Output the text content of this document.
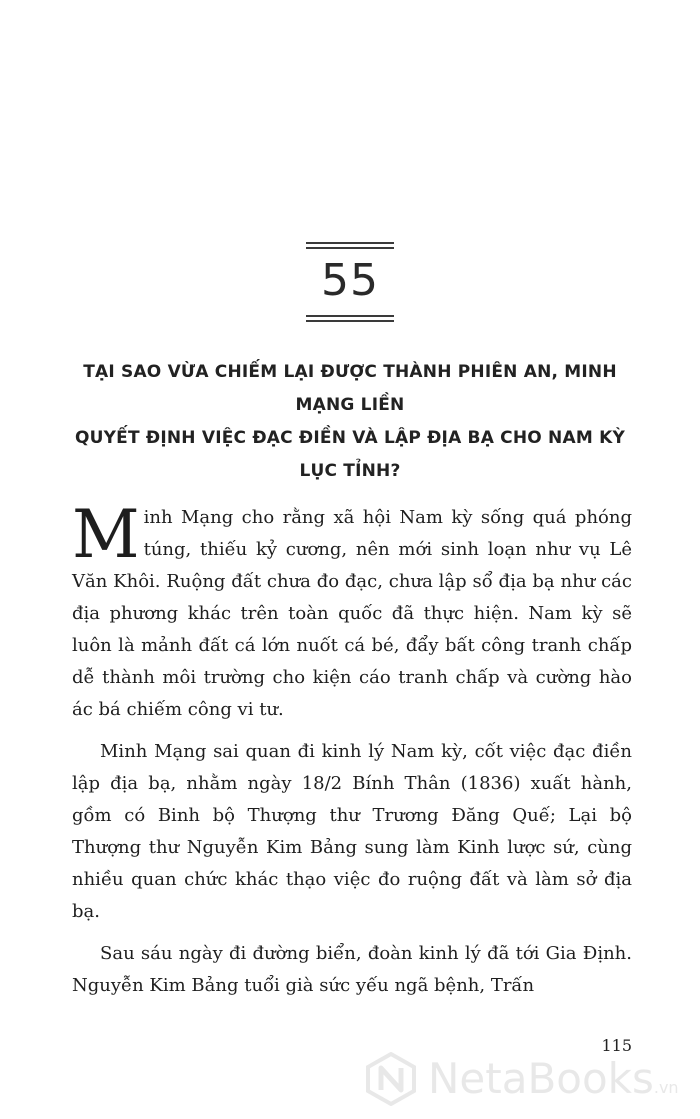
55
TẠI SAO VỪA CHIẾM LẠI ĐƯỢC THÀNH PHIÊN AN, MINH MẠNG LIỀN
QUYẾT ĐỊNH VIỆC ĐẠC ĐIỀN VÀ LẬP ĐỊA BẠ CHO NAM KỲ LỤC TỈNH?

Minh Mạng cho rằng xã hội Nam kỳ sống quá phóng túng, thiếu kỷ cương, nên mới sinh loạn như vụ Lê Văn Khôi. Ruộng đất chưa đo đạc, chưa lập sổ địa bạ như các địa phương khác trên toàn quốc đã thực hiện. Nam kỳ sẽ luôn là mảnh đất cá lớn nuốt cá bé, đẩy bất công tranh chấp dễ thành môi trường cho kiện cáo tranh chấp và cường hào ác bá chiếm công vi tư.

Minh Mạng sai quan đi kinh lý Nam kỳ, cốt việc đạc điền lập địa bạ, nhằm ngày 18/2 Bính Thân (1836) xuất hành, gồm có Binh bộ Thượng thư Trương Đăng Quế; Lại bộ Thượng thư Nguyễn Kim Bảng sung làm Kinh lược sứ, cùng nhiều quan chức khác thạo việc đo ruộng đất và làm sở địa bạ.

Sau sáu ngày đi đường biển, đoàn kinh lý đã tới Gia Định. Nguyễn Kim Bảng tuổi già sức yếu ngã bệnh, Trấn

115
NetaBooks.vn
